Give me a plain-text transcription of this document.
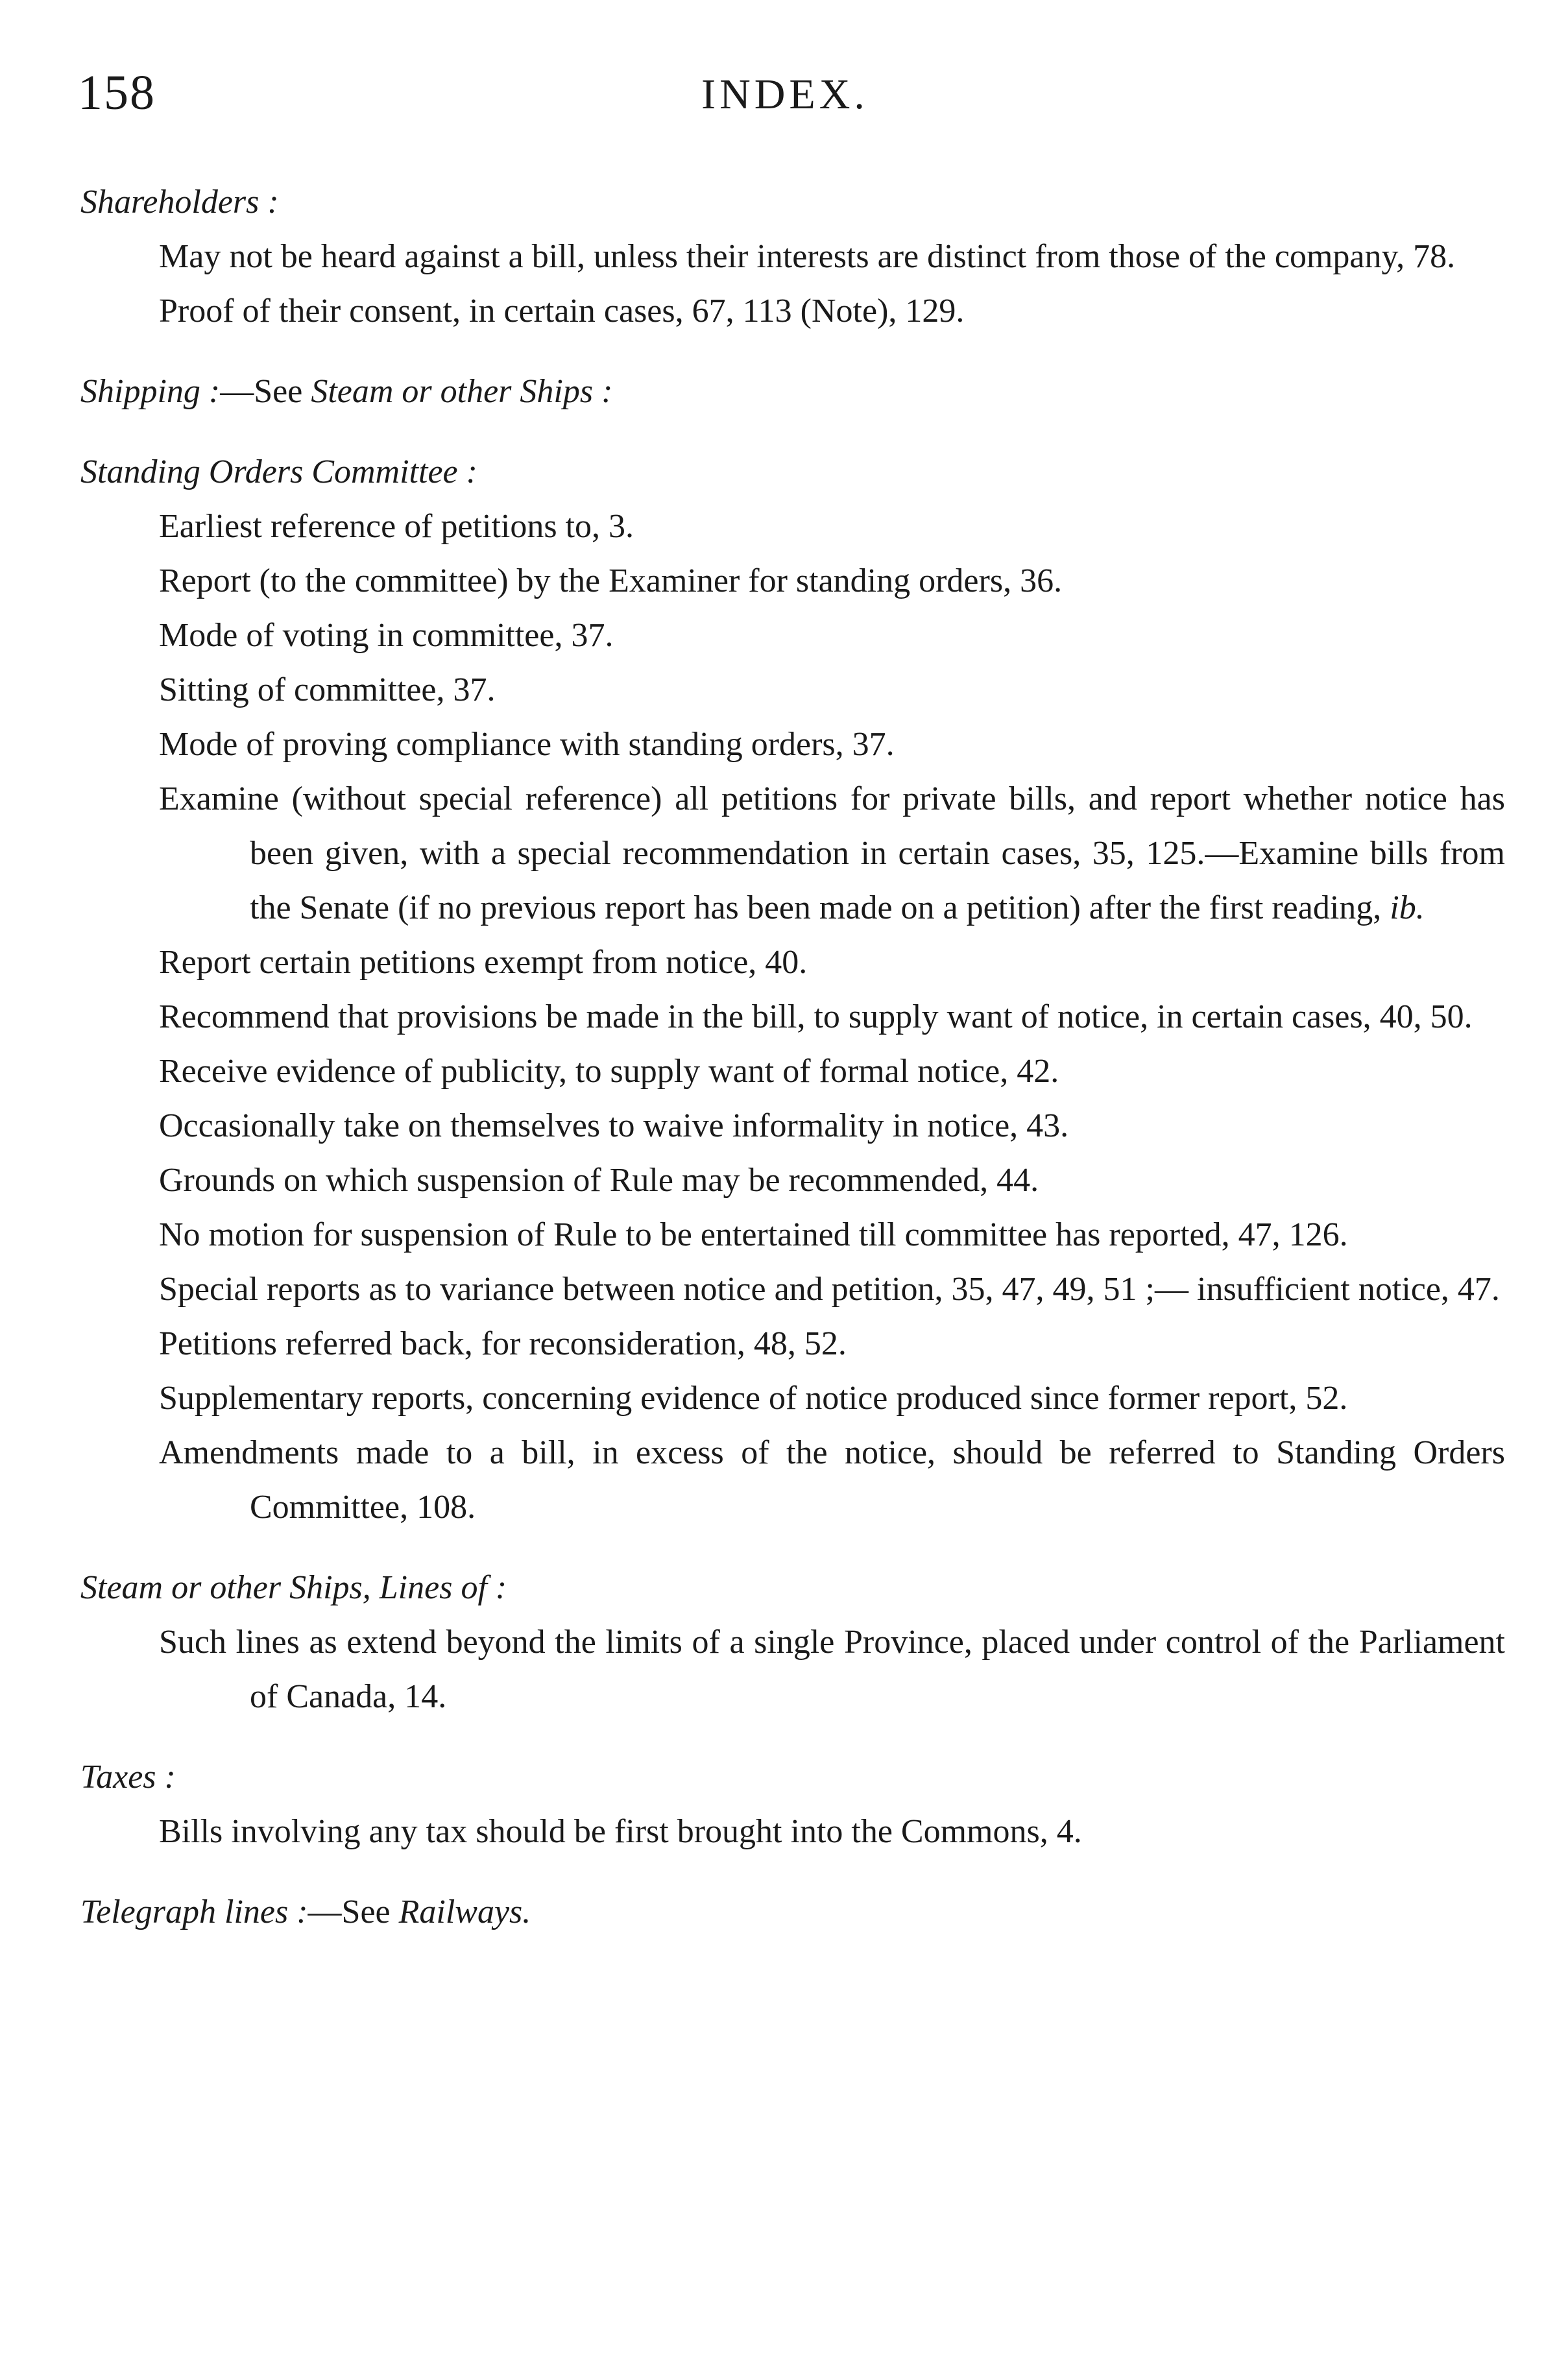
158	INDEX.
Shareholders :

May not be heard against a bill, unless their interests are distinct from those of the company, 78.

Proof of their consent, in certain cases, 67, 113 (Note), 129.

Shipping :—See Steam or other Ships :
Standing Orders Committee :

Earliest reference of petitions to, 3.

Report (to the committee) by the Examiner for standing orders, 36.

Mode of voting in committee, 37.

Sitting of committee, 37.

Mode of proving compliance with standing orders, 37.

Examine (without special reference) all petitions for private bills, and report whether notice has been given, with a special recommendation in certain cases, 35, 125.—Examine bills from the Senate (if no previous report has been made on a petition) after the first reading, ib.

Report certain petitions exempt from notice, 40.

Recommend that provisions be made in the bill, to supply want of notice, in certain cases, 40, 50.

Receive evidence of publicity, to supply want of formal notice, 42.

Occasionally take on themselves to waive informality in notice, 43.

Grounds on which suspension of Rule may be recommended, 44.

No motion for suspension of Rule to be entertained till committee has reported, 47, 126.

Special reports as to variance between notice and petition, 35, 47, 49, 51 ;— insufficient notice, 47.

Petitions referred back, for reconsideration, 48, 52.

Supplementary reports, concerning evidence of notice produced since former report, 52.

Amendments made to a bill, in excess of the notice, should be referred to Standing Orders Committee, 108.

Steam or other Ships, Lines of :

Such lines as extend beyond the limits of a single Province, placed under control of the Parliament of Canada, 14.

Taxes :

Bills involving any tax should be first brought into the Commons, 4.

Telegraph lines :—See Railways.
